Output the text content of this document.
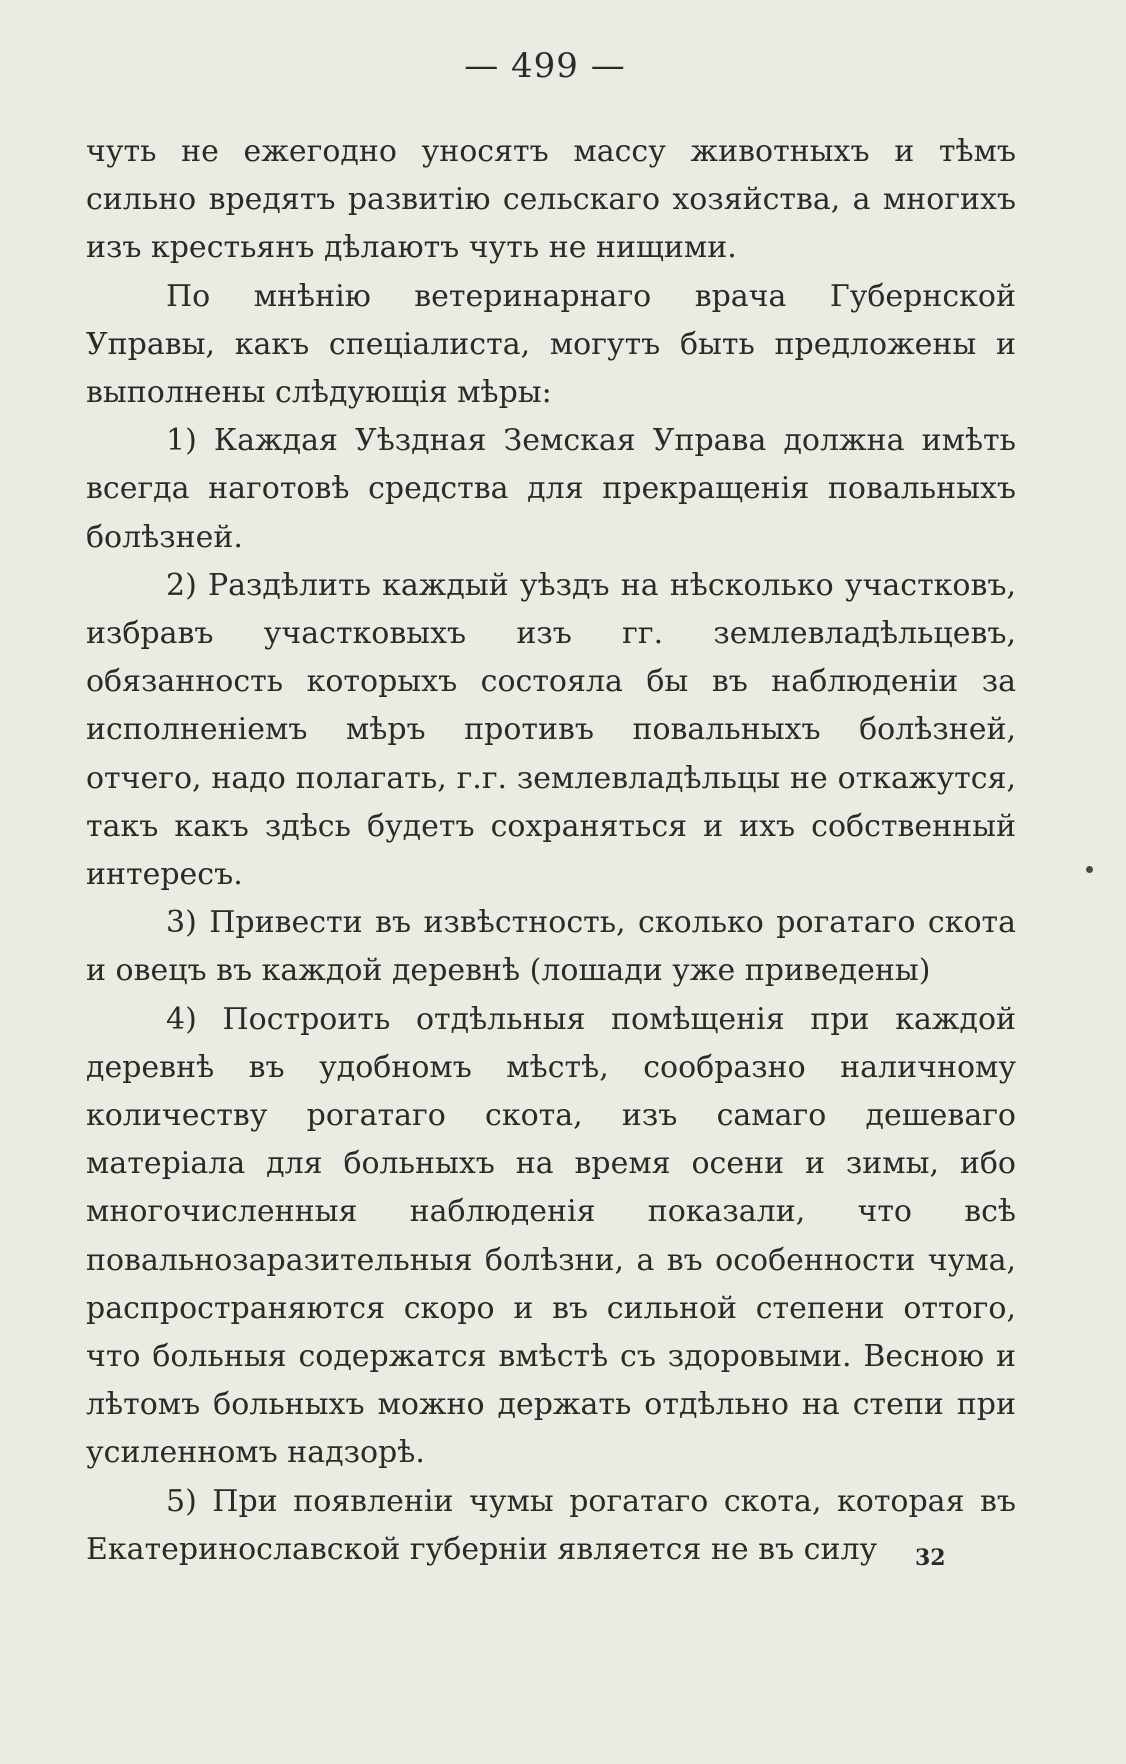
— 499 —

чуть не ежегодно уносятъ массу животныхъ и тѣмъ сильно вредятъ развитію сельскаго хозяйства, а многихъ изъ крестьянъ дѣлаютъ чуть не нищими.

По мнѣнію ветеринарнаго врача Губернской Управы, какъ спеціалиста, могутъ быть предложены и выполнены слѣдующія мѣры:

1) Каждая Уѣздная Земская Управа должна имѣть всегда наготовѣ средства для прекращенія повальныхъ болѣзней.

2) Раздѣлить каждый уѣздъ на нѣсколько участковъ, избравъ участковыхъ изъ гг. землевладѣльцевъ, обязанность которыхъ состояла бы въ наблюденіи за исполненіемъ мѣръ противъ повальныхъ болѣзней, отчего, надо полагать, г.г. землевладѣльцы не откажутся, такъ какъ здѣсь будетъ сохраняться и ихъ собственный интересъ.

3) Привести въ извѣстность, сколько рогатаго скота и овецъ въ каждой деревнѣ (лошади уже приведены)

4) Построить отдѣльныя помѣщенія при каждой деревнѣ въ удобномъ мѣстѣ, сообразно наличному количеству рогатаго скота, изъ самаго дешеваго матеріала для больныхъ на время осени и зимы, ибо многочисленныя наблюденія показали, что всѣ повальнозаразительныя болѣзни, а въ особенности чума, распространяются скоро и въ сильной степени оттого, что больныя содержатся вмѣстѣ съ здоровыми. Весною и лѣтомъ больныхъ можно держать отдѣльно на степи при усиленномъ надзорѣ.

5) При появленіи чумы рогатаго скота, которая въ Екатеринославской губерніи является не въ силу	32
